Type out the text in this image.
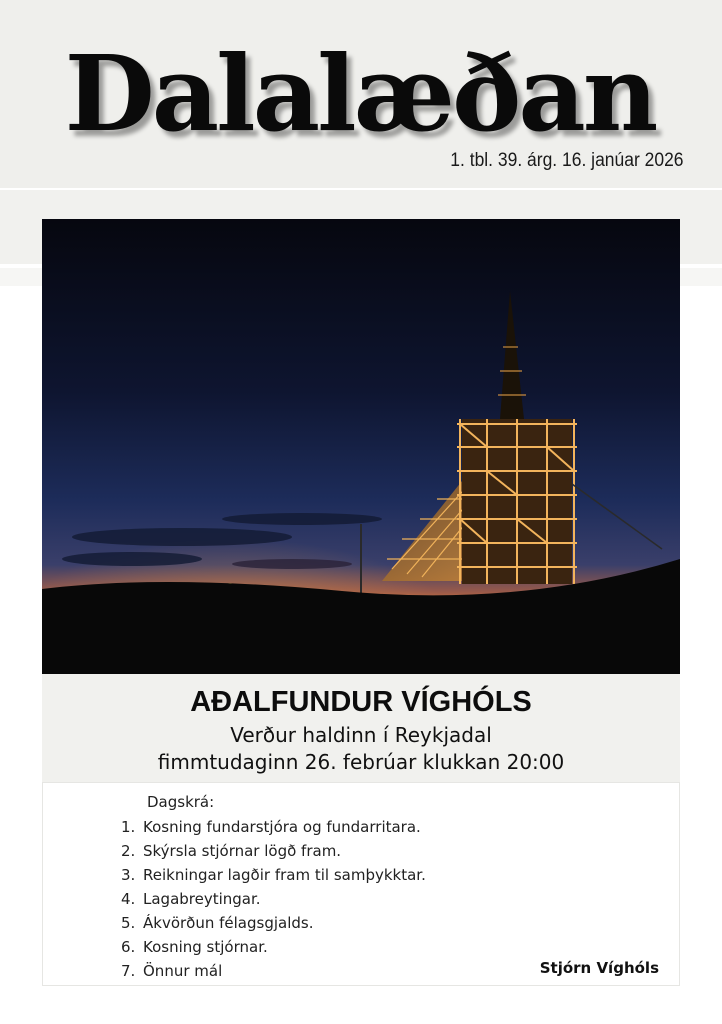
Dalalæðan
1. tbl. 39. árg. 16. janúar 2026
AÐALFUNDUR VÍGHÓLS
Verður haldinn í Reykjadal
fimmtudaginn 26. febrúar klukkan 20:00
Dagskrá:
1. Kosning fundarstjóra og fundarritara.
2. Skýrsla stjórnar lögð fram.
3. Reikningar lagðir fram til samþykktar.
4. Lagabreytingar.
5. Ákvörðun félagsgjalds.
6. Kosning stjórnar.
7. Önnur mál	Stjórn Víghóls
